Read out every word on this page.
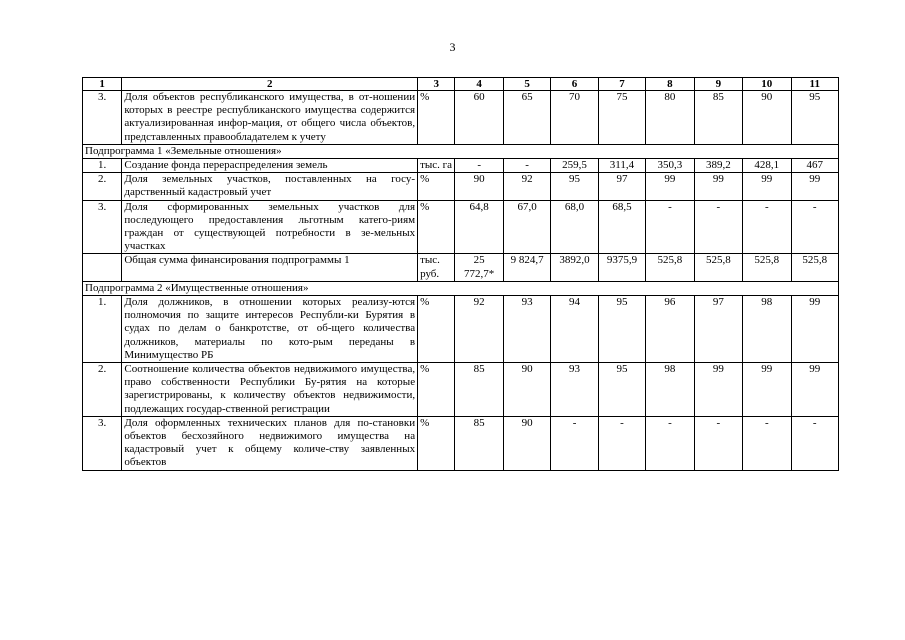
3
1	2	3	4	5	6	7	8	9	10	11
3.	Доля объектов республиканского имущества, в от-ношении которых в реестре республиканского имущества содержится актуализированная инфор-мация, от общего числа объектов, представленных правообладателем к учету	%	60	65	70	75	80	85	90	95
Подпрограмма 1 «Земельные отношения»										
1.	Создание фонда перераспределения земель	тыс. га	-	-	259,5	311,4	350,3	389,2	428,1	467
2.	Доля земельных участков, поставленных на госу-дарственный кадастровый учет	%	90	92	95	97	99	99	99	99
3.	Доля сформированных земельных участков для последующего предоставления льготным катего-риям граждан от существующей потребности в зе-мельных участках	%	64,8	67,0	68,0	68,5	-	-	-	-
	Общая сумма финансирования подпрограммы 1	тыс. руб.	25 772,7*	9 824,7	3892,0	9375,9	525,8	525,8	525,8	525,8
Подпрограмма 2 «Имущественные отношения»										
1.	Доля должников, в отношении которых реализу-ются полномочия по защите интересов Республи-ки Бурятия в судах по делам о банкротстве, от об-щего количества должников, материалы по кото-рым переданы в Минимущество РБ	%	92	93	94	95	96	97	98	99
2.	Соотношение количества объектов недвижимого имущества, право собственности Республики Бу-рятия на которые зарегистрированы, к количеству объектов недвижимости, подлежащих государ-ственной регистрации	%	85	90	93	95	98	99	99	99
3.	Доля оформленных технических планов для по-становки объектов бесхозяйного недвижимого имущества на кадастровый учет к общему количе-ству заявленных объектов	%	85	90	-	-	-	-	-	-
